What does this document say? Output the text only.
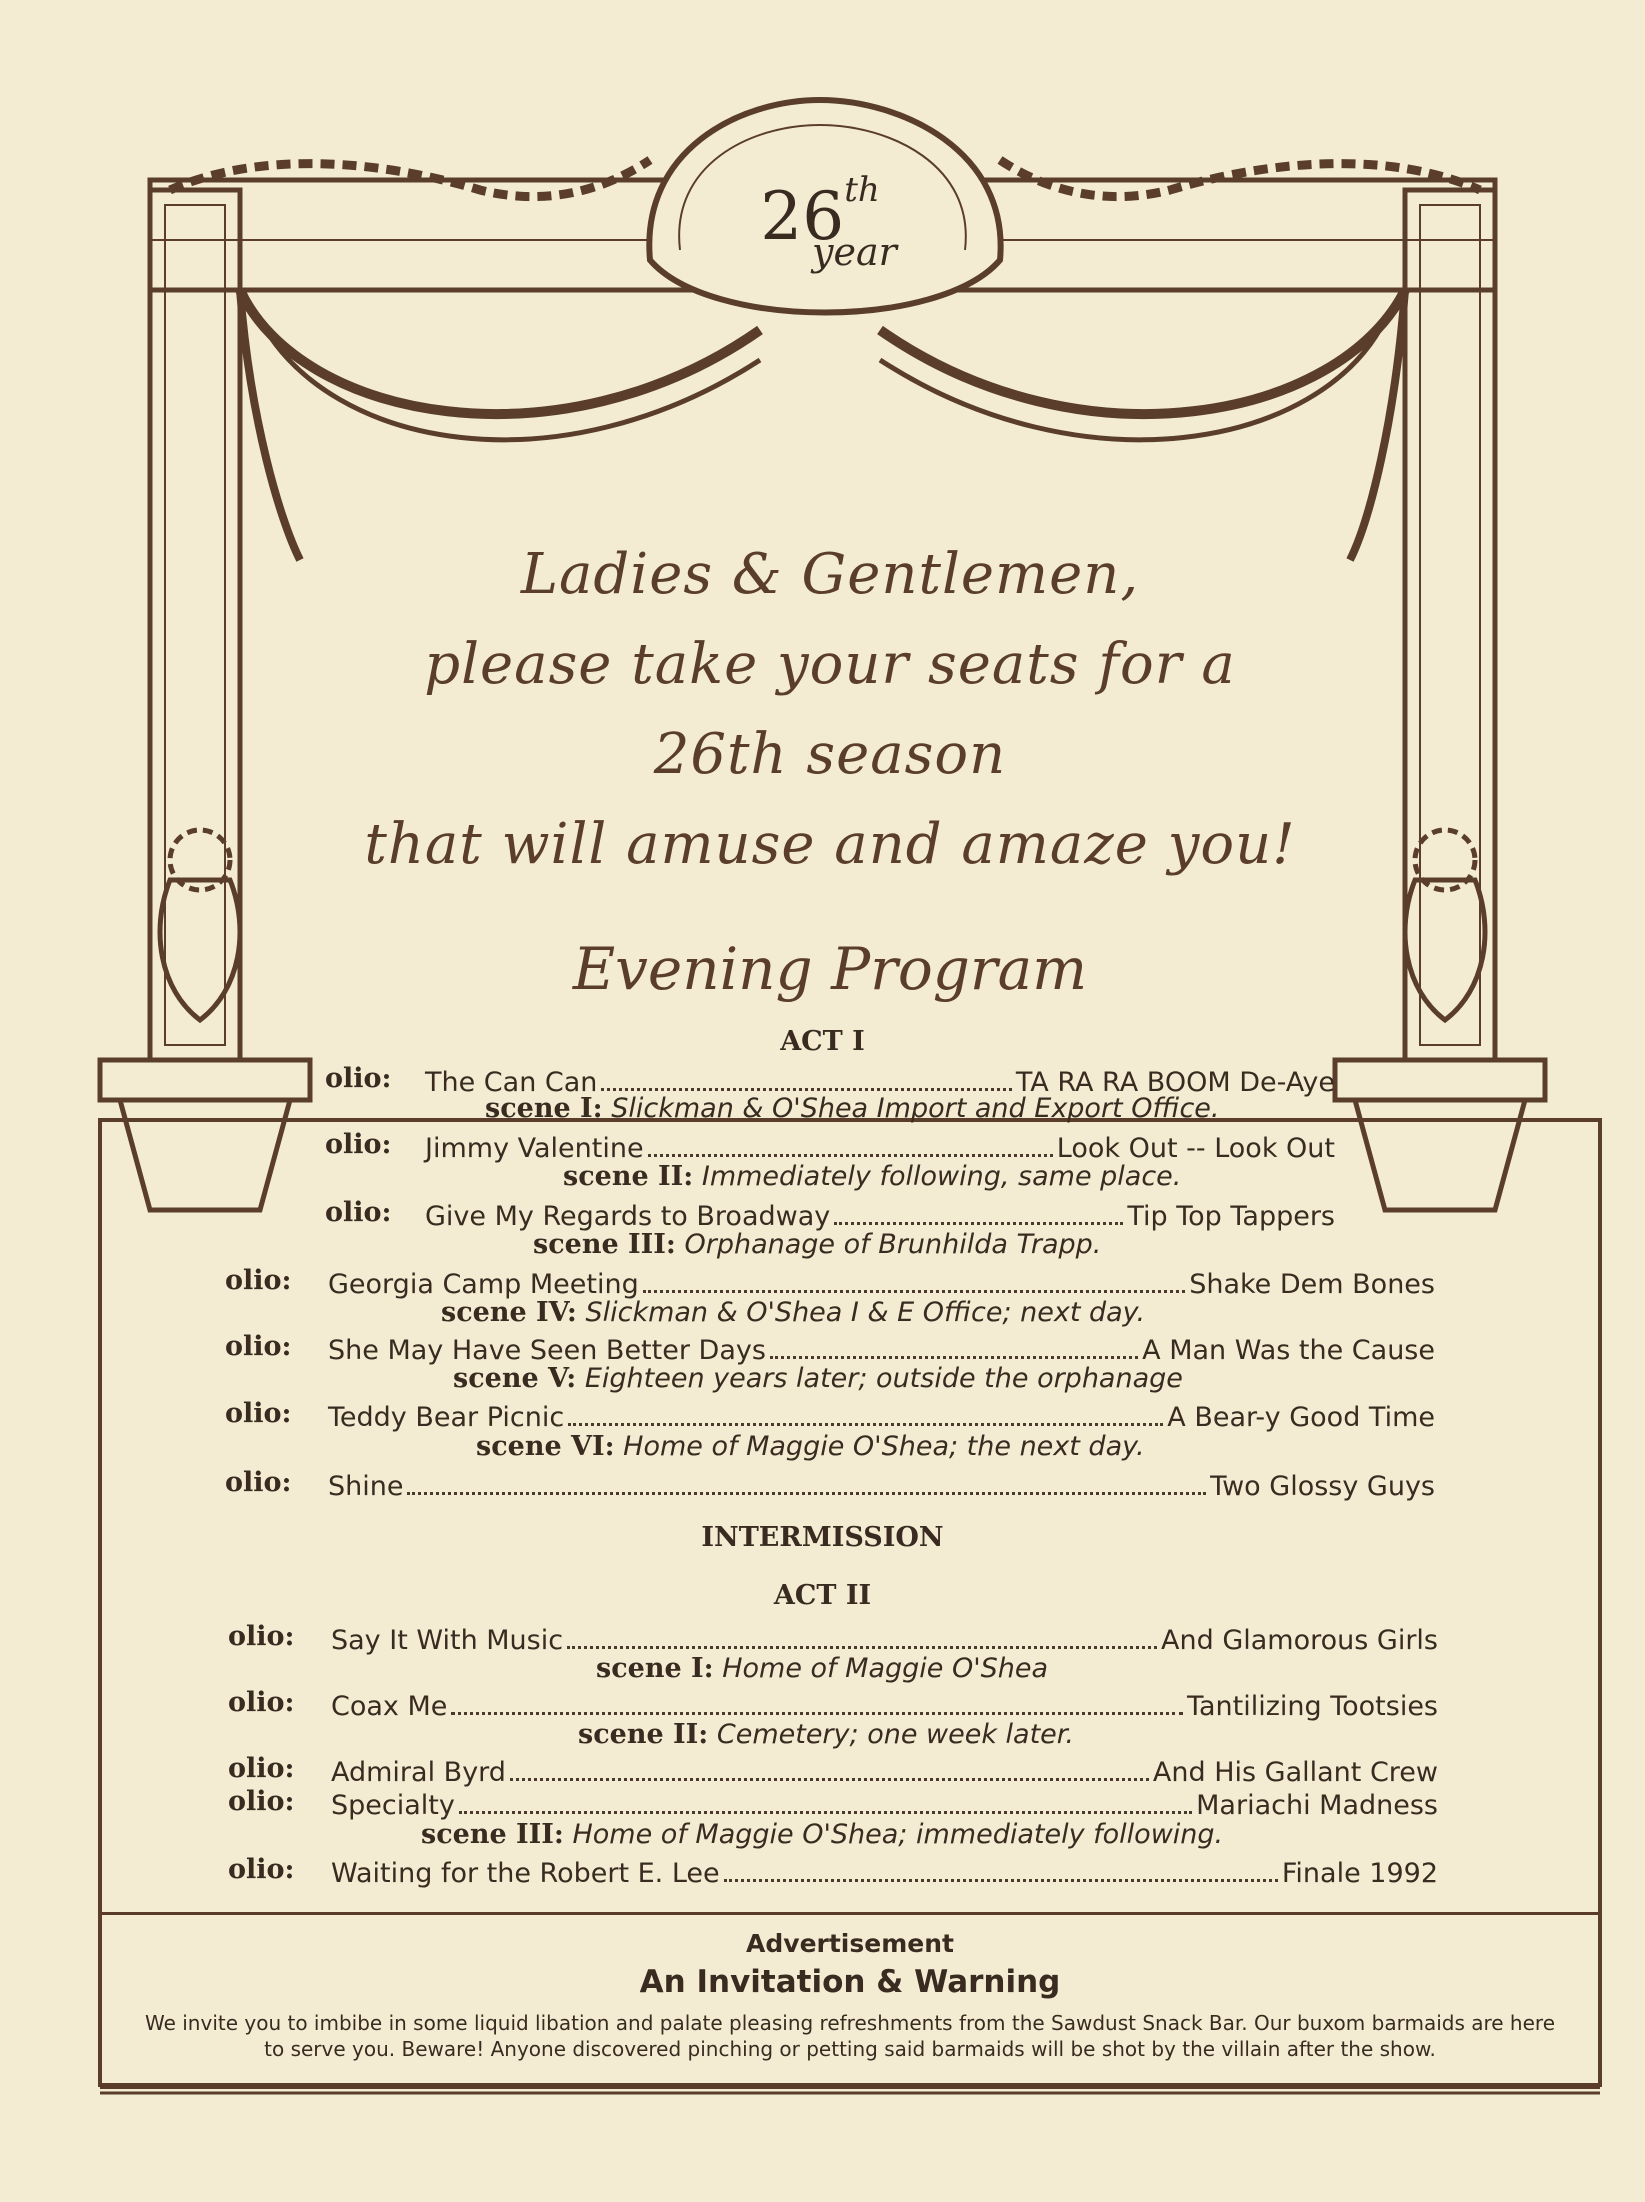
26th
year
Ladies & Gentlemen,
please take your seats for a
26th season
that will amuse and amaze you!
Evening Program
ACT I
olio: The Can Can	TA RA RA BOOM De-Aye
scene I: Slickman & O'Shea Import and Export Office.
olio: Jimmy Valentine	Look Out -- Look Out
scene II: Immediately following, same place.
olio: Give My Regards to Broadway	Tip Top Tappers
scene III: Orphanage of Brunhilda Trapp.
olio: Georgia Camp Meeting	Shake Dem Bones
scene IV: Slickman & O'Shea I & E Office; next day.
olio: She May Have Seen Better Days	A Man Was the Cause
scene V: Eighteen years later; outside the orphanage
olio: Teddy Bear Picnic	A Bear-y Good Time
scene VI: Home of Maggie O'Shea; the next day.
olio: Shine	Two Glossy Guys
INTERMISSION
ACT II
olio: Say It With Music	And Glamorous Girls
scene I: Home of Maggie O'Shea
olio: Coax Me	Tantilizing Tootsies
scene II: Cemetery; one week later.
olio: Admiral Byrd	And His Gallant Crew
olio: Specialty	Mariachi Madness
scene III: Home of Maggie O'Shea; immediately following.
olio: Waiting for the Robert E. Lee	Finale 1992
Advertisement
An Invitation & Warning
We invite you to imbibe in some liquid libation and palate pleasing refreshments from the Sawdust Snack Bar. Our buxom barmaids are here to serve you. Beware! Anyone discovered pinching or petting said barmaids will be shot by the villain after the show.
